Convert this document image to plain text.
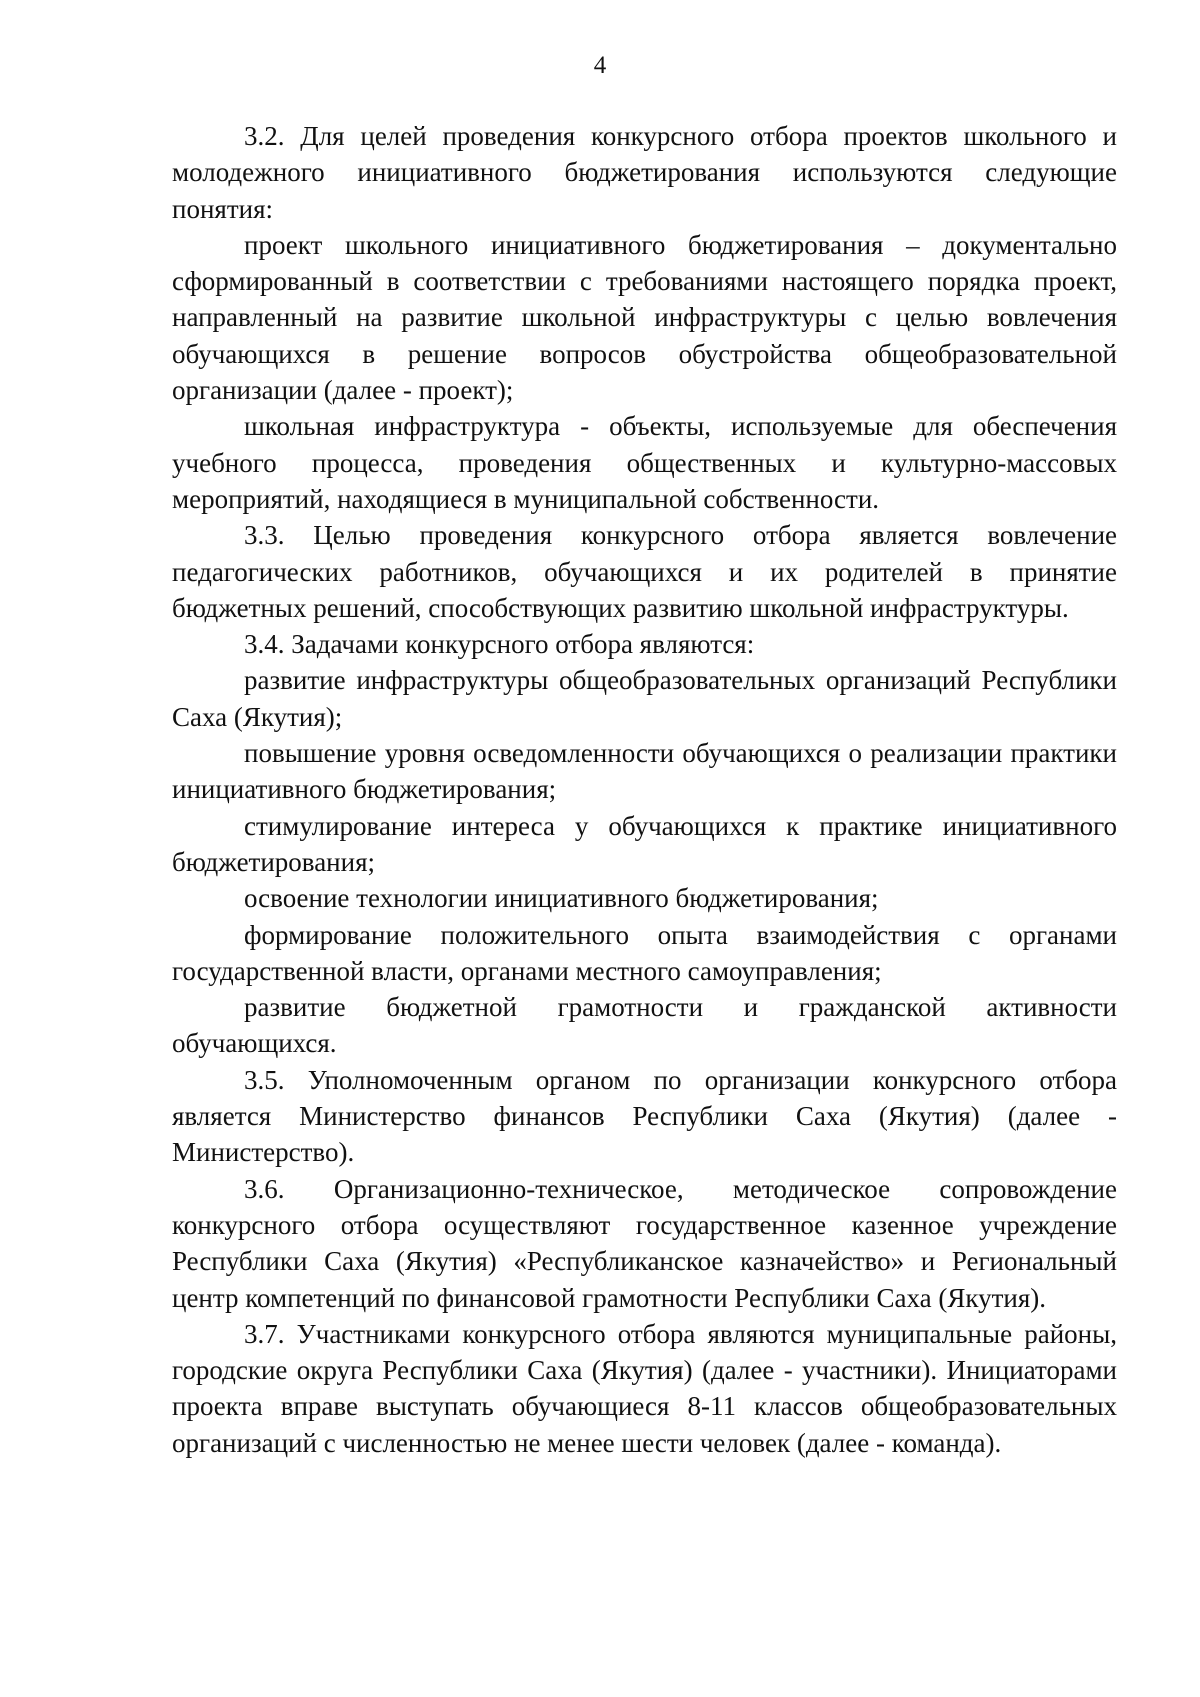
4

3.2. Для целей проведения конкурсного отбора проектов школьного и молодежного инициативного бюджетирования используются следующие понятия:

проект школьного инициативного бюджетирования – документально сформированный в соответствии с требованиями настоящего порядка проект, направленный на развитие школьной инфраструктуры с целью вовлечения обучающихся в решение вопросов обустройства общеобразовательной организации (далее - проект);

школьная инфраструктура - объекты, используемые для обеспечения учебного процесса, проведения общественных и культурно-массовых мероприятий, находящиеся в муниципальной собственности.

3.3. Целью проведения конкурсного отбора является вовлечение педагогических работников, обучающихся и их родителей в принятие бюджетных решений, способствующих развитию школьной инфраструктуры.

3.4. Задачами конкурсного отбора являются:

развитие инфраструктуры общеобразовательных организаций Республики Саха (Якутия);

повышение уровня осведомленности обучающихся о реализации практики инициативного бюджетирования;

стимулирование интереса у обучающихся к практике инициативного бюджетирования;

освоение технологии инициативного бюджетирования;

формирование положительного опыта взаимодействия с органами государственной власти, органами местного самоуправления;

развитие бюджетной грамотности и гражданской активности обучающихся.

3.5. Уполномоченным органом по организации конкурсного отбора является Министерство финансов Республики Саха (Якутия) (далее - Министерство).

3.6. Организационно-техническое, методическое сопровождение конкурсного отбора осуществляют государственное казенное учреждение Республики Саха (Якутия) «Республиканское казначейство» и Региональный центр компетенций по финансовой грамотности Республики Саха (Якутия).

3.7. Участниками конкурсного отбора являются муниципальные районы, городские округа Республики Саха (Якутия) (далее - участники). Инициаторами проекта вправе выступать обучающиеся 8-11 классов общеобразовательных организаций с численностью не менее шести человек (далее - команда).
